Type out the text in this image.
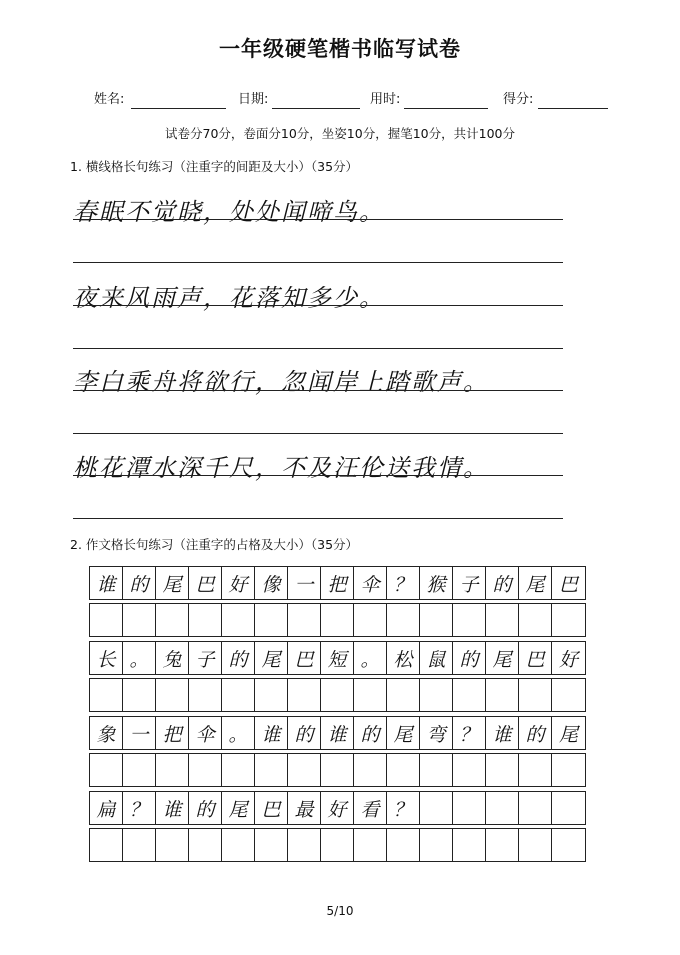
一年级硬笔楷书临写试卷
姓名:	日期:	用时:	得分:
试卷分70分，卷面分10分，坐姿10分，握笔10分，共计100分
1. 横线格长句练习（注重字的间距及大小）（35分）
春眠不觉晓，处处闻啼鸟。
夜来风雨声，花落知多少。
李白乘舟将欲行，忽闻岸上踏歌声。
桃花潭水深千尺，不及汪伦送我情。
2. 作文格长句练习（注重字的占格及大小）（35分）
谁 的 尾 巴 好 像 一 把 伞 ？ 猴 子 的 尾 巴
长 。 兔 子 的 尾 巴 短 。 松 鼠 的 尾 巴 好
象 一 把 伞 。 谁 的 谁 的 尾 弯 ？ 谁 的 尾
扁 ？ 谁 的 尾 巴 最 好 看 ？
5/10
